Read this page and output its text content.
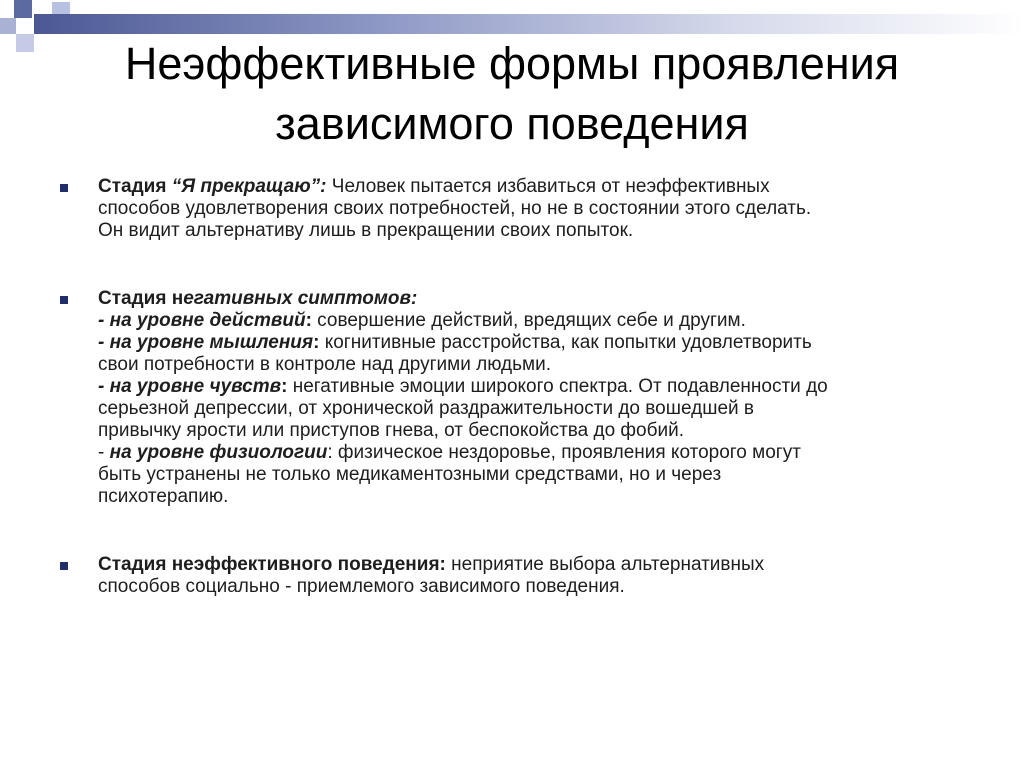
Неэффективные формы проявления
зависимого поведения
Стадия “Я прекращаю”: Человек пытается избавиться от неэффективных
способов удовлетворения своих потребностей, но не в состоянии этого сделать.
Он видит альтернативу лишь в прекращении своих попыток.
Стадия негативных симптомов:
- на уровне действий: совершение действий, вредящих себе и другим.
- на уровне мышления: когнитивные расстройства, как попытки удовлетворить
свои потребности в контроле над другими людьми.
- на уровне чувств: негативные эмоции широкого спектра. От подавленности до
серьезной депрессии, от хронической раздражительности до вошедшей в
привычку ярости или приступов гнева, от беспокойства до фобий.
- на уровне физиологии: физическое нездоровье, проявления которого могут
быть устранены не только медикаментозными средствами, но и через
психотерапию.
Стадия неэффективного поведения: неприятие выбора альтернативных
способов социально - приемлемого зависимого поведения.
